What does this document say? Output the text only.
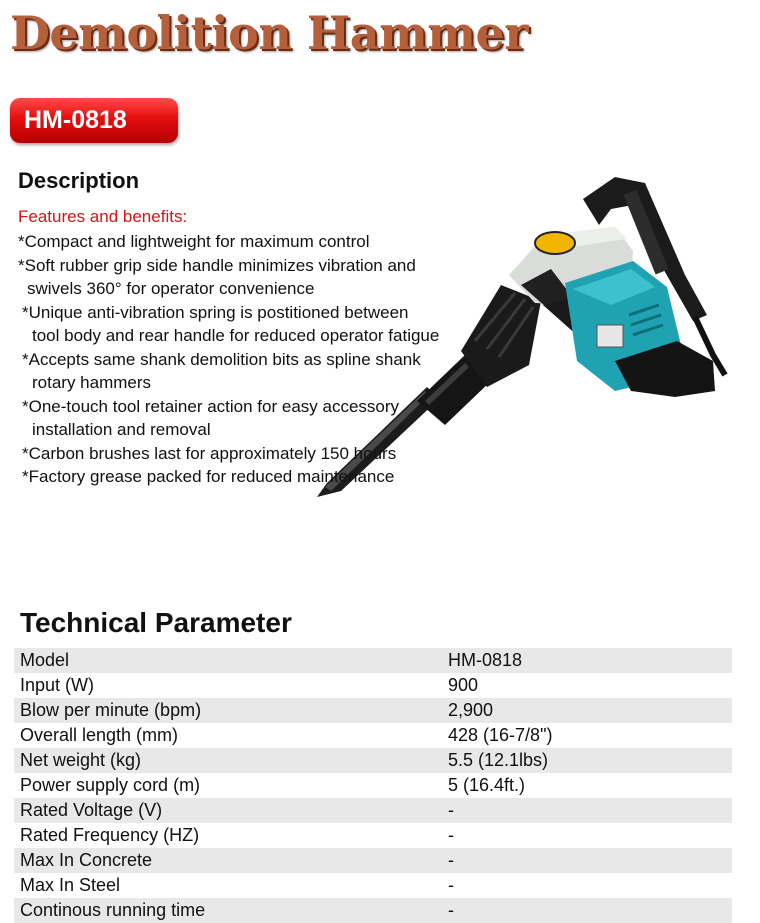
Demolition Hammer
HM-0818
Description
Features and benefits:
*Compact and lightweight for maximum control
*Soft rubber grip side handle minimizes vibration and
swivels 360° for operator convenience
*Unique anti-vibration spring is postitioned between
tool body and rear handle for reduced operator fatigue
*Accepts same shank demolition bits as spline shank
rotary hammers
*One-touch tool retainer action for easy accessory
installation and removal
*Carbon brushes last for approximately 150 hours
*Factory grease packed for reduced maintenance
Technical Parameter
Model	HM-0818
Input (W)	900
Blow per minute (bpm)	2,900
Overall length (mm)	428 (16-7/8")
Net weight (kg)	5.5 (12.1lbs)
Power supply cord (m)	5 (16.4ft.)
Rated Voltage (V)	-
Rated Frequency (HZ)	-
Max In Concrete	-
Max In Steel	-
Continous running time	-
